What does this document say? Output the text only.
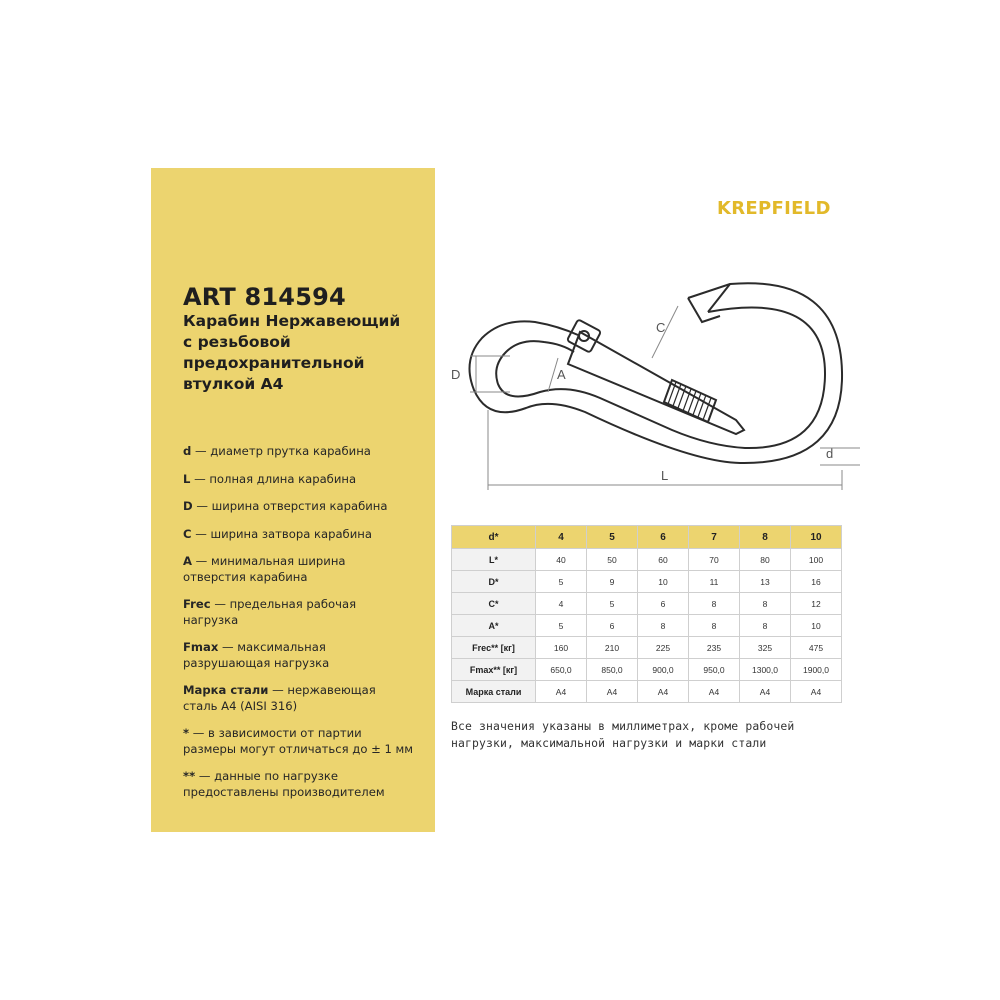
ART 814594
Карабин Нержавеющий
с резьбовой
предохранительной
втулкой А4
d — диаметр прутка карабина
L — полная длина карабина
D — ширина отверстия карабина
C — ширина затвора карабина
A — минимальная ширина
отверстия карабина
Frec — предельная рабочая
нагрузка
Fmax — максимальная
разрушающая нагрузка
Марка стали — нержавеющая
сталь А4 (AISI 316)
* — в зависимости от партии
размеры могут отличаться до ± 1 мм
** — данные по нагрузке
предоставлены производителем
KREPFIELD
C
D	A
d
L
d*	4	5	6	7	8	10
L*	40	50	60	70	80	100
D*	5	9	10	11	13	16
C*	4	5	6	8	8	12
A*	5	6	8	8	8	10
Frec** [кг]	160	210	225	235	325	475
Fmax** [кг]	650,0	850,0	900,0	950,0	1300,0	1900,0
Марка стали	A4	A4	A4	A4	A4	A4
Все значения указаны в миллиметрах, кроме рабочей
нагрузки, максимальной нагрузки и марки стали
